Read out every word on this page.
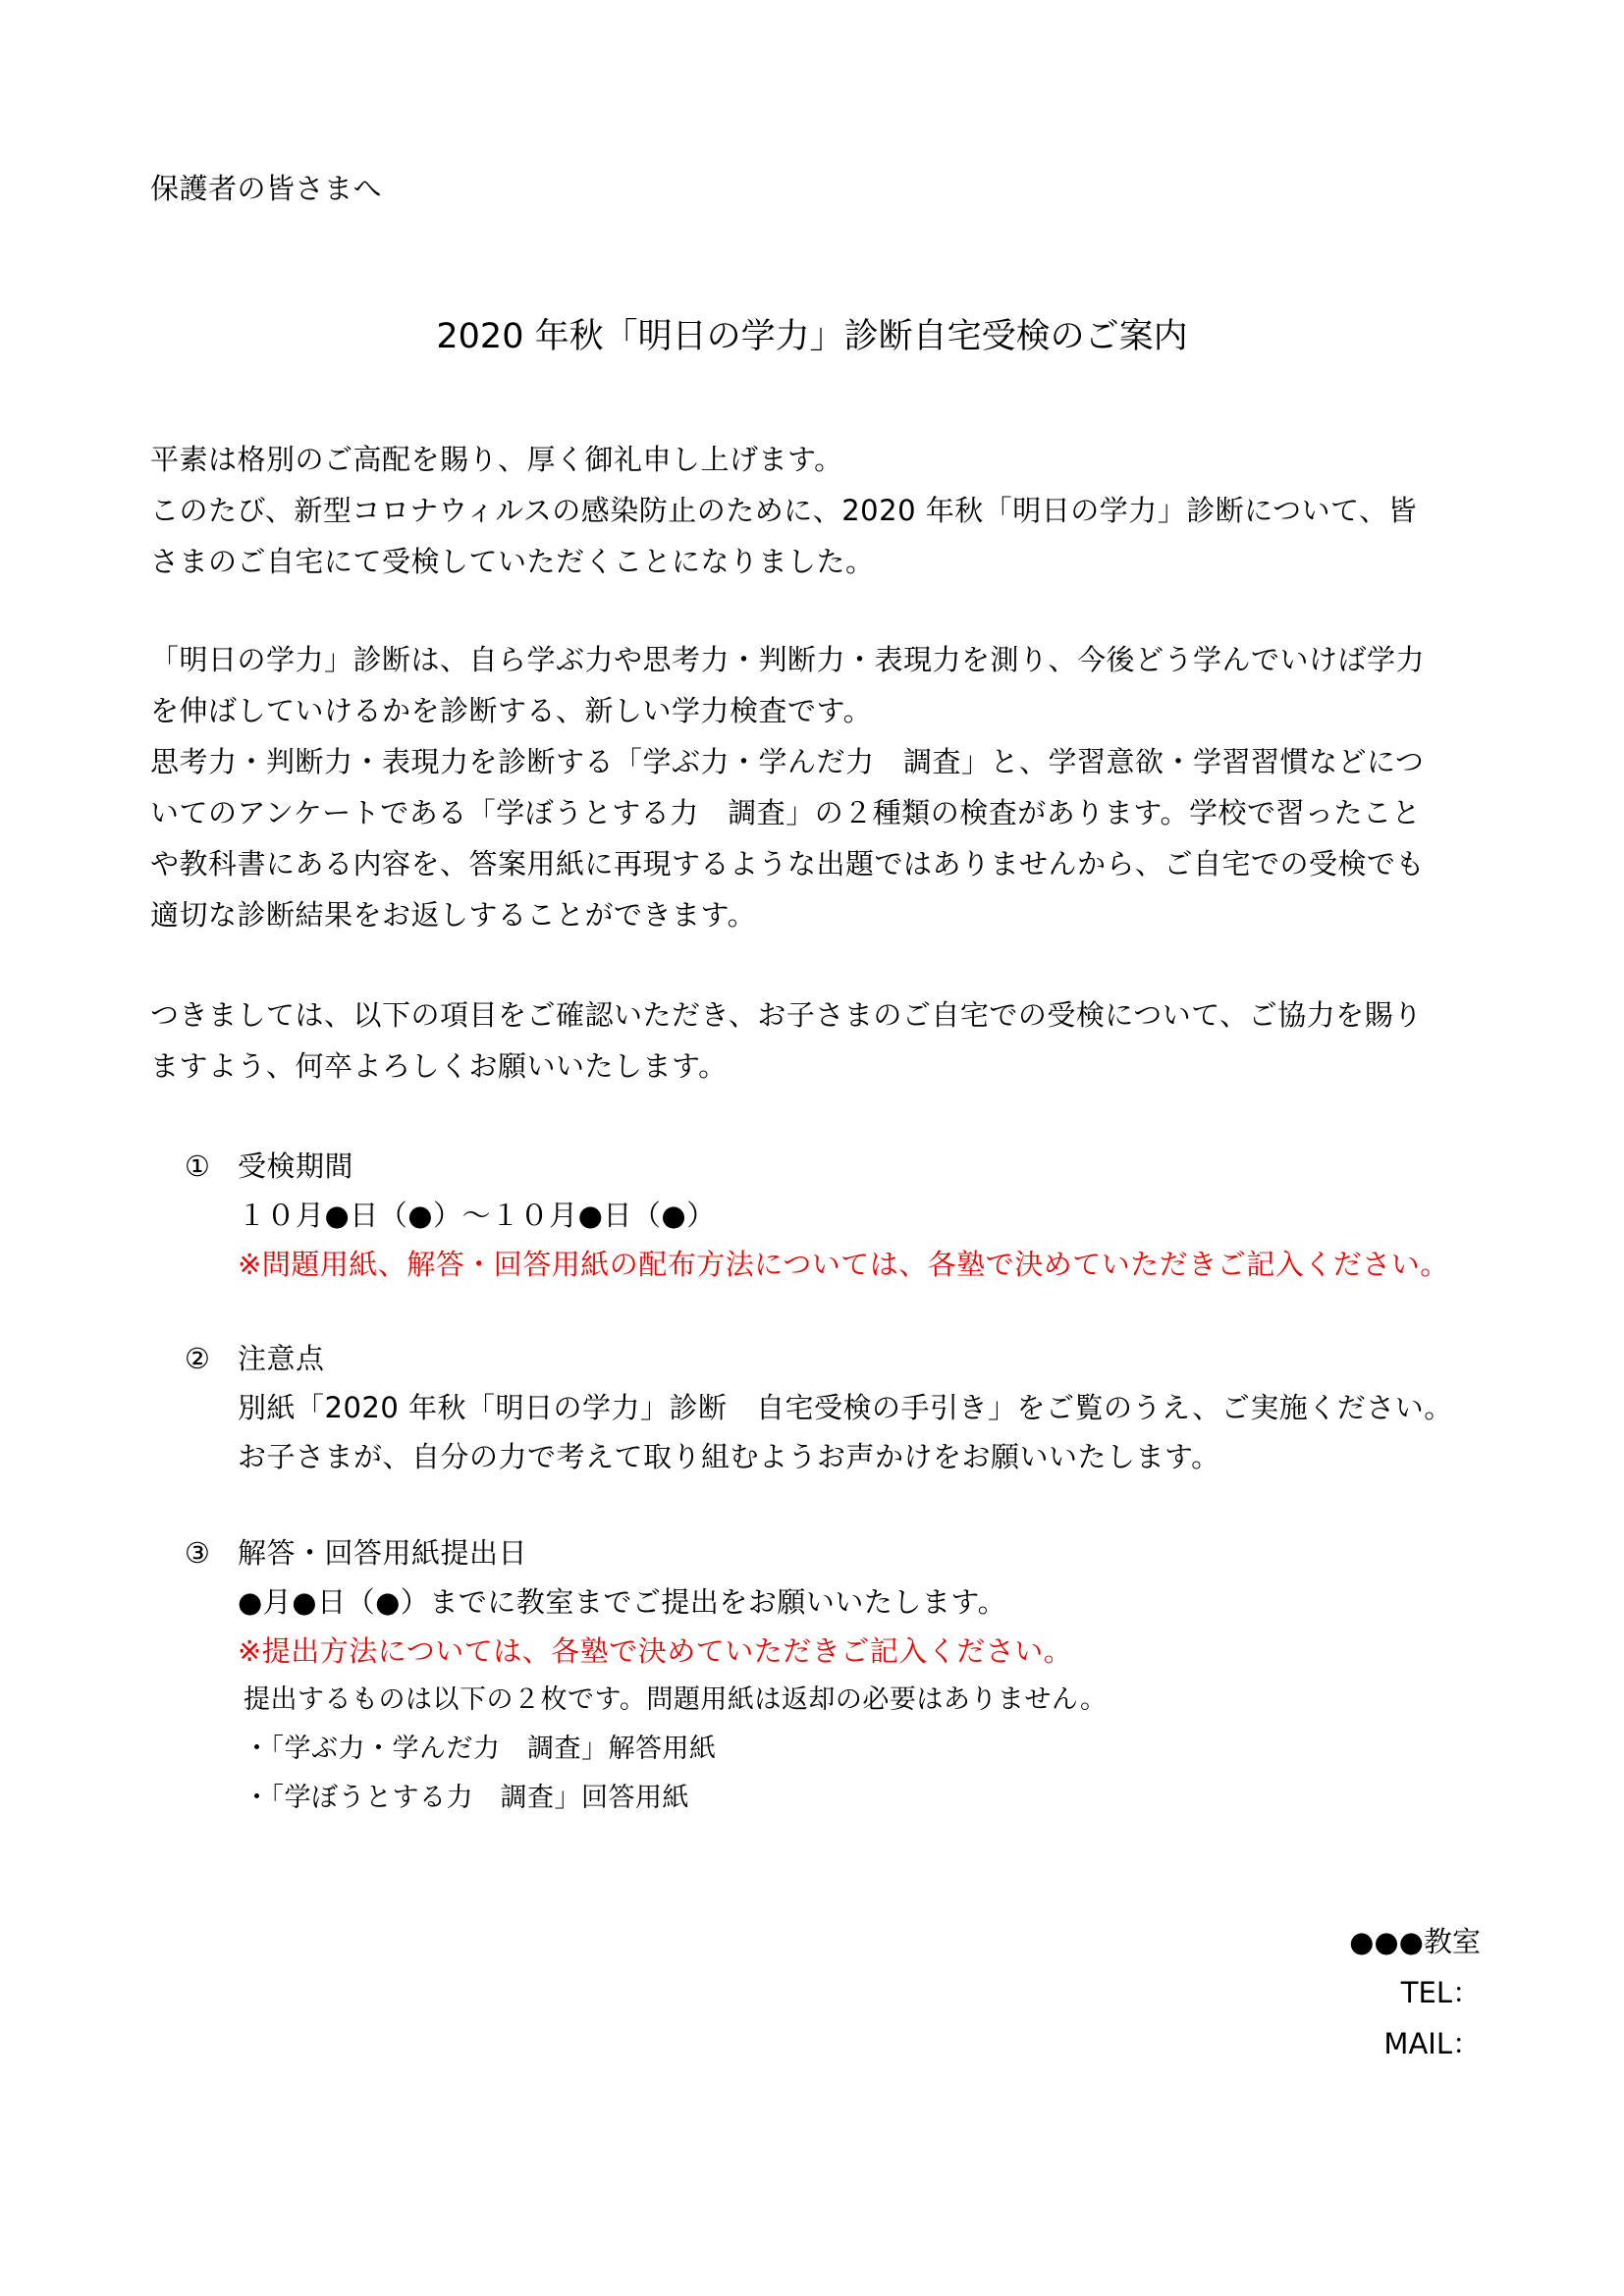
保護者の皆さまへ
2020 年秋「明日の学力」診断自宅受検のご案内
平素は格別のご高配を賜り、厚く御礼申し上げます。
このたび、新型コロナウィルスの感染防止のために、2020 年秋「明日の学力」診断について、皆
さまのご自宅にて受検していただくことになりました。
「明日の学力」診断は、自ら学ぶ力や思考力・判断力・表現力を測り、今後どう学んでいけば学力
を伸ばしていけるかを診断する、新しい学力検査です。
思考力・判断力・表現力を診断する「学ぶ力・学んだ力　調査」と、学習意欲・学習習慣などにつ
いてのアンケートである「学ぼうとする力　調査」の２種類の検査があります。学校で習ったこと
や教科書にある内容を、答案用紙に再現するような出題ではありませんから、ご自宅での受検でも
適切な診断結果をお返しすることができます。
つきましては、以下の項目をご確認いただき、お子さまのご自宅での受検について、ご協力を賜り
ますよう、何卒よろしくお願いいたします。
① 受検期間
１０月●日（●）～１０月●日（●）
※問題用紙、解答・回答用紙の配布方法については、各塾で決めていただきご記入ください。
② 注意点
別紙「2020 年秋「明日の学力」診断　自宅受検の手引き」をご覧のうえ、ご実施ください。
お子さまが、自分の力で考えて取り組むようお声かけをお願いいたします。
③ 解答・回答用紙提出日
●月●日（●）までに教室までご提出をお願いいたします。
※提出方法については、各塾で決めていただきご記入ください。
提出するものは以下の２枚です。問題用紙は返却の必要はありません。
・「学ぶ力・学んだ力　調査」解答用紙
・「学ぼうとする力　調査」回答用紙
●●●教室
TEL：
MAIL：
